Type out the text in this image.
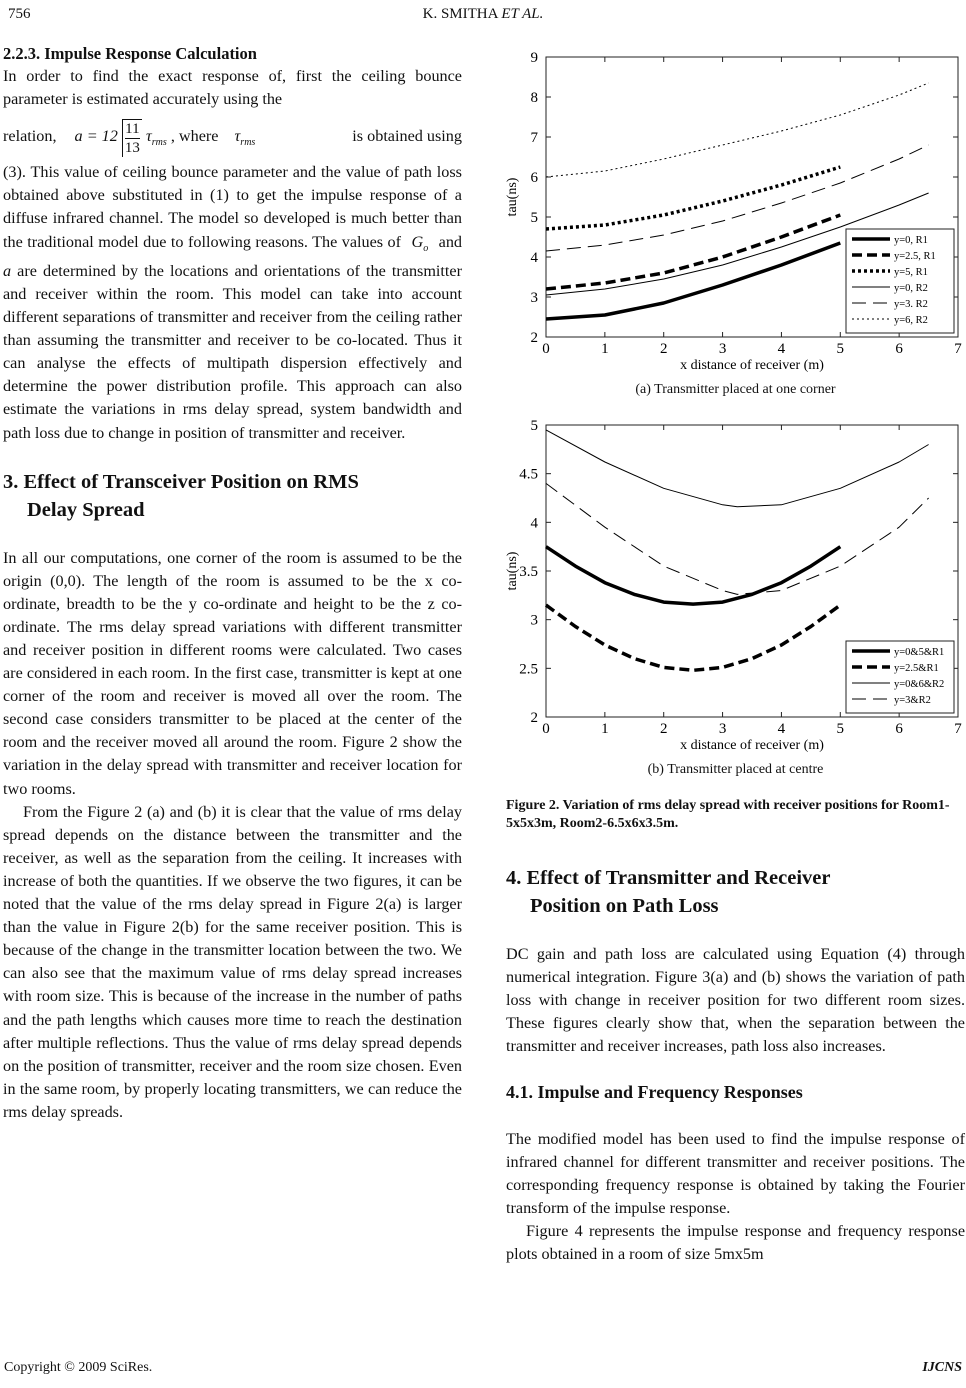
756	K. SMITHA ET AL.
2.2.3. Impulse Response Calculation

In order to find the exact response of, first the ceiling bounce parameter is estimated accurately using the

relation, $a = 12 \frac{11}{13} \tau_{rms}$ , where $\tau_{rms}$	is obtained using

(3). This value of ceiling bounce parameter and the value of path loss obtained above substituted in (1) to get the impulse response of a diffuse infrared channel. The model so developed is much better than the traditional model due to following reasons. The values of $G_o$ and a are determined by the locations and orientations of the transmitter and receiver within the room. This model can take into account different separations of transmitter and receiver from the ceiling rather than assuming the transmitter and receiver to be co-located. Thus it can analyse the effects of multipath dispersion effectively and determine the power distribution profile. This approach can also estimate the variations in rms delay spread, system bandwidth and path loss due to change in position of transmitter and receiver.

3. Effect of Transceiver Position on RMS
Delay Spread

In all our computations, one corner of the room is assumed to be the origin (0,0). The length of the room is assumed to be the x co-ordinate, breadth to be the y co-ordinate and height to be the z co-ordinate. The rms delay spread variations with different transmitter and receiver position in different rooms were calculated. Two cases are considered in each room. In the first case, transmitter is kept at one corner of the room and receiver is moved all over the room. The second case considers transmitter to be placed at the center of the room and the receiver moved all around the room. Figure 2 show the variation in the delay spread with transmitter and receiver location for two rooms.

From the Figure 2 (a) and (b) it is clear that the value of rms delay spread depends on the distance between the transmitter and the receiver, as well as the separation from the ceiling. It increases with increase of both the quantities. If we observe the two figures, it can be noted that the value of the rms delay spread in Figure 2(a) is larger than the value in Figure 2(b) for the same receiver position. This is because of the change in the transmitter location between the two. We can also see that the maximum value of rms delay spread increases with room size. This is because of the increase in the number of paths and the path lengths which causes more time to reach the destination after multiple reflections. Thus the value of rms delay spread depends on the position of transmitter, receiver and the room size chosen. Even in the same room, by properly locating transmitters, we can reduce the rms delay spreads.

0	1	2	3	4	5	6	7
2
3
4
5
6
7
8
9
x distance of receiver (m)
tau(ns)
y=0, R1
y=2.5, R1
y=5, R1
y=0, R2
y=3. R2
y=6, R2
(a) Transmitter placed at one corner
0	1	2	3	4	5	6	7
2
2.5
3
3.5
4
4.5
5
x distance of receiver (m)
tau(ns)
y=0&5&R1
y=2.5&R1
y=0&6&R2
y=3&R2
(b) Transmitter placed at centre
Figure 2. Variation of rms delay spread with receiver positions for Room1-5x5x3m, Room2-6.5x6x3.5m.
4. Effect of Transmitter and Receiver
Position on Path Loss

DC gain and path loss are calculated using Equation (4) through numerical integration. Figure 3(a) and (b) shows the variation of path loss with change in receiver position for two different room sizes. These figures clearly show that, when the separation between the transmitter and receiver increases, path loss also increases.

4.1. Impulse and Frequency Responses

The modified model has been used to find the impulse response of infrared channel for different transmitter and receiver positions. The corresponding frequency response is obtained by taking the Fourier transform of the impulse response.

Figure 4 represents the impulse response and frequency response plots obtained in a room of size 5mx5m

Copyright © 2009 SciRes.	IJCNS
